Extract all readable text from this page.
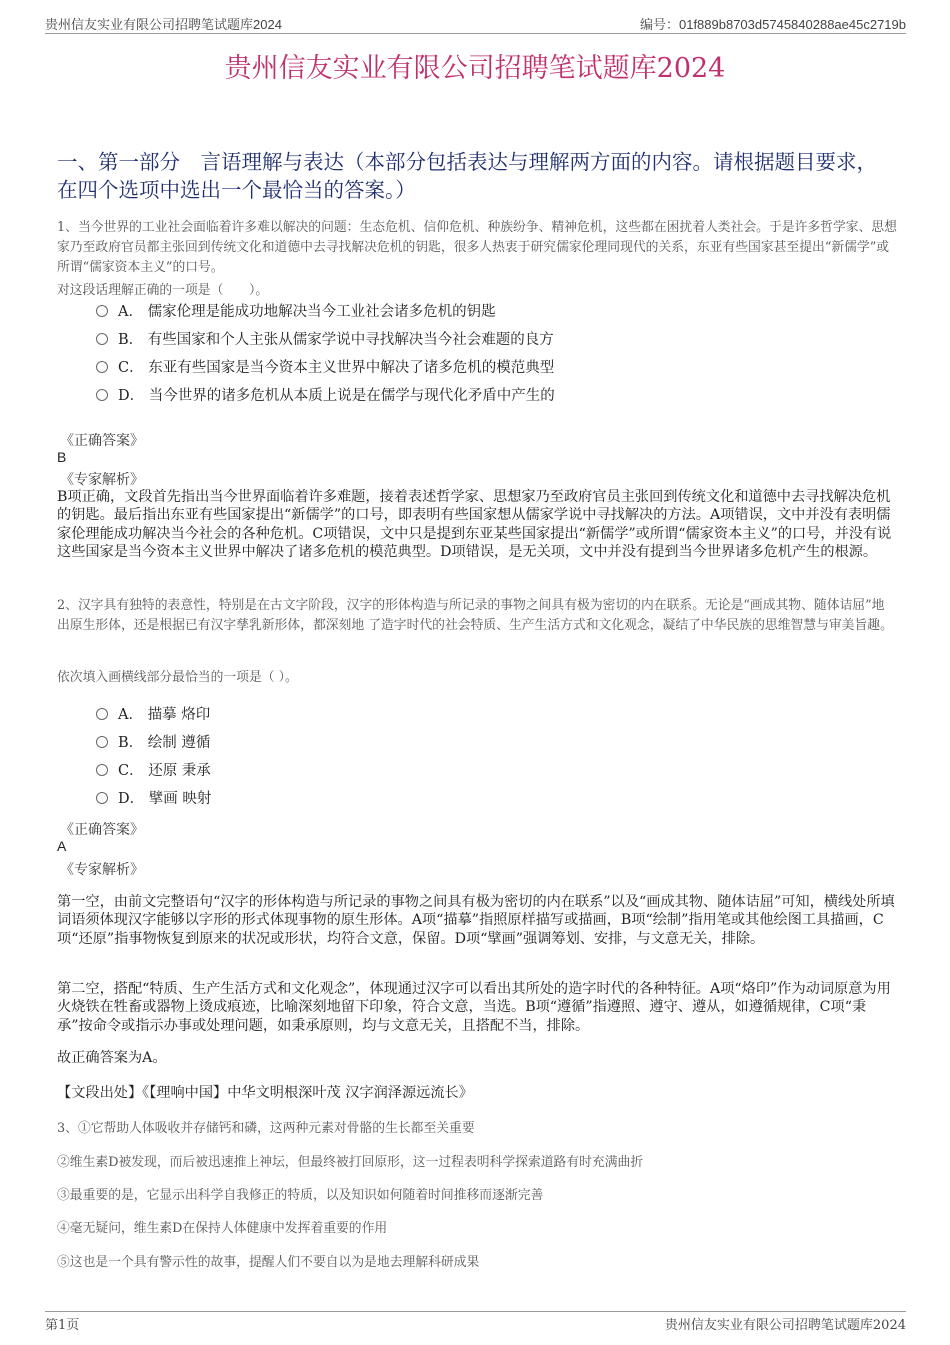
贵州信友实业有限公司招聘笔试题库2024	编号：01f889b8703d5745840288ae45c2719b
贵州信友实业有限公司招聘笔试题库2024
一、第一部分　言语理解与表达（本部分包括表达与理解两方面的内容。请根据题目要求，在四个选项中选出一个最恰当的答案。）
1、当今世界的工业社会面临着许多难以解决的问题：生态危机、信仰危机、种族纷争、精神危机，这些都在困扰着人类社会。于是许多哲学家、思想家乃至政府官员都主张回到传统文化和道德中去寻找解决危机的钥匙，很多人热衷于研究儒家伦理同现代的关系，东亚有些国家甚至提出“新儒学”或所谓“儒家资本主义”的口号。
对这段话理解正确的一项是（　　）。
A． 儒家伦理是能成功地解决当今工业社会诸多危机的钥匙
B． 有些国家和个人主张从儒家学说中寻找解决当今社会难题的良方
C． 东亚有些国家是当今资本主义世界中解决了诸多危机的模范典型
D． 当今世界的诸多危机从本质上说是在儒学与现代化矛盾中产生的
《正确答案》
B
《专家解析》
B项正确，文段首先指出当今世界面临着许多难题，接着表述哲学家、思想家乃至政府官员主张回到传统文化和道德中去寻找解决危机的钥匙。最后指出东亚有些国家提出“新儒学”的口号，即表明有些国家想从儒家学说中寻找解决的方法。A项错误，文中并没有表明儒家伦理能成功解决当今社会的各种危机。C项错误，文中只是提到东亚某些国家提出“新儒学”或所谓“儒家资本主义”的口号，并没有说这些国家是当今资本主义世界中解决了诸多危机的模范典型。D项错误，是无关项，文中并没有提到当今世界诸多危机产生的根源。
2、汉字具有独特的表意性，特别是在古文字阶段，汉字的形体构造与所记录的事物之间具有极为密切的内在联系。无论是“画成其物、随体诘屈”地 出原生形体，还是根据已有汉字孳乳新形体，都深刻地 了造字时代的社会特质、生产生活方式和文化观念，凝结了中华民族的思维智慧与审美旨趣。
依次填入画横线部分最恰当的一项是（ ）。
A． 描摹 烙印
B． 绘制 遵循
C． 还原 秉承
D． 擘画 映射
《正确答案》
A
《专家解析》
第一空，由前文完整语句“汉字的形体构造与所记录的事物之间具有极为密切的内在联系”以及“画成其物、随体诘屈”可知，横线处所填词语须体现汉字能够以字形的形式体现事物的原生形体。A项“描摹”指照原样描写或描画，B项“绘制”指用笔或其他绘图工具描画，C项“还原”指事物恢复到原来的状况或形状，均符合文意，保留。D项“擘画”强调筹划、安排，与文意无关，排除。
第二空，搭配“特质、生产生活方式和文化观念”，体现通过汉字可以看出其所处的造字时代的各种特征。A项“烙印”作为动词原意为用火烧铁在牲畜或器物上烫成痕迹，比喻深刻地留下印象，符合文意，当选。B项“遵循”指遵照、遵守、遵从，如遵循规律，C项“秉承”按命令或指示办事或处理问题，如秉承原则，均与文意无关，且搭配不当，排除。
故正确答案为A。
【文段出处】《【理响中国】中华文明根深叶茂 汉字润泽源远流长》
3、①它帮助人体吸收并存储钙和磷，这两种元素对骨骼的生长都至关重要
②维生素D被发现，而后被迅速推上神坛，但最终被打回原形，这一过程表明科学探索道路有时充满曲折
③最重要的是，它显示出科学自我修正的特质，以及知识如何随着时间推移而逐渐完善
④毫无疑问，维生素D在保持人体健康中发挥着重要的作用
⑤这也是一个具有警示性的故事，提醒人们不要自以为是地去理解科研成果
第1页	贵州信友实业有限公司招聘笔试题库2024
